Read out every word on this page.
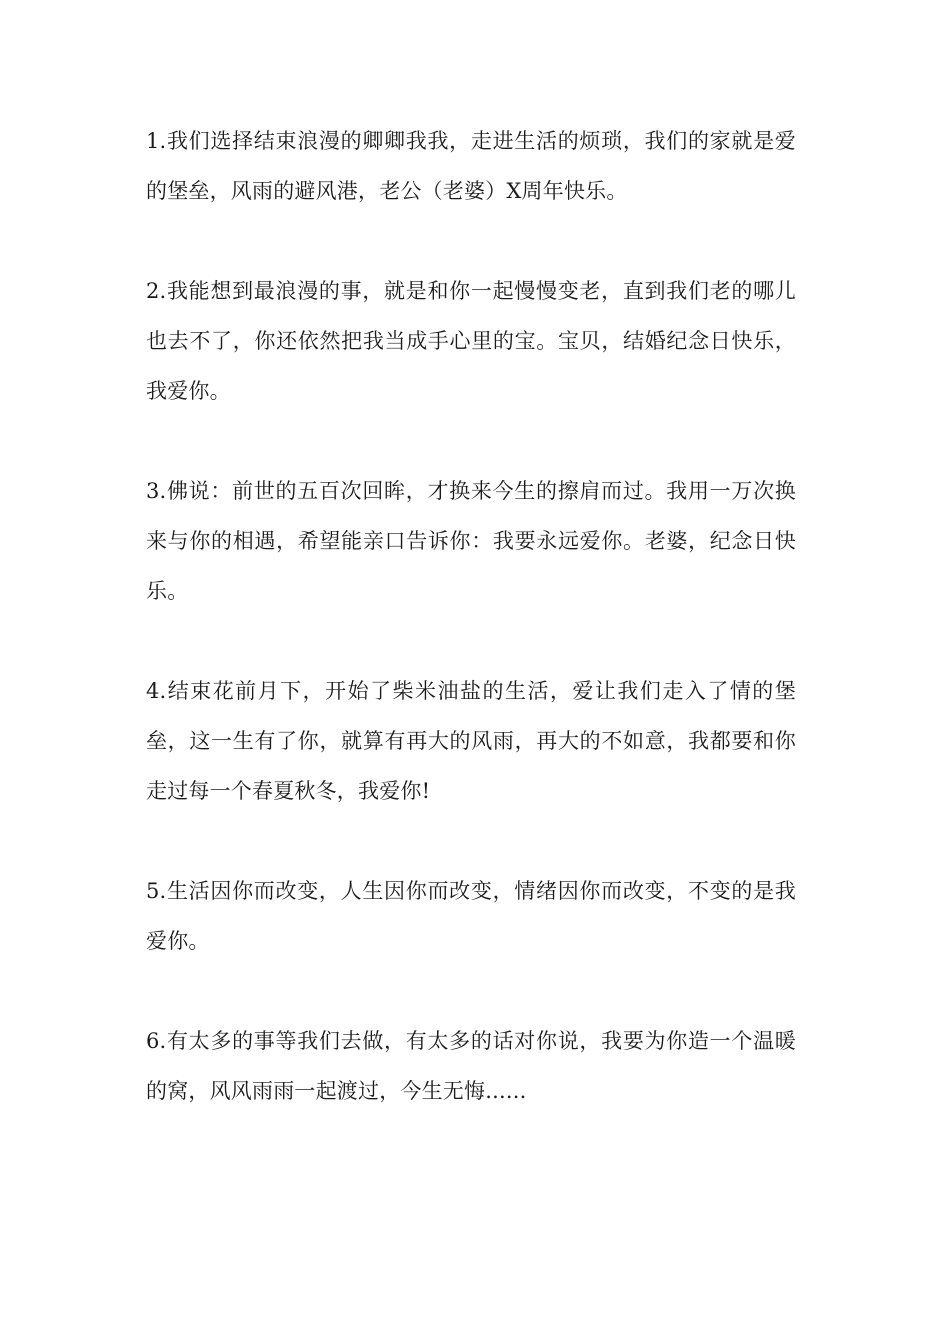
1.我们选择结束浪漫的卿卿我我，走进生活的烦琐，我们的家就是爱的堡垒，风雨的避风港，老公（老婆）X周年快乐。

2.我能想到最浪漫的事，就是和你一起慢慢变老，直到我们老的哪儿也去不了，你还依然把我当成手心里的宝。宝贝，结婚纪念日快乐，我爱你。

3.佛说：前世的五百次回眸，才换来今生的擦肩而过。我用一万次换来与你的相遇，希望能亲口告诉你：我要永远爱你。老婆，纪念日快乐。

4.结束花前月下，开始了柴米油盐的生活，爱让我们走入了情的堡垒，这一生有了你，就算有再大的风雨，再大的不如意，我都要和你走过每一个春夏秋冬，我爱你!

5.生活因你而改变，人生因你而改变，情绪因你而改变，不变的是我爱你。

6.有太多的事等我们去做，有太多的话对你说，我要为你造一个温暖的窝，风风雨雨一起渡过，今生无悔......
